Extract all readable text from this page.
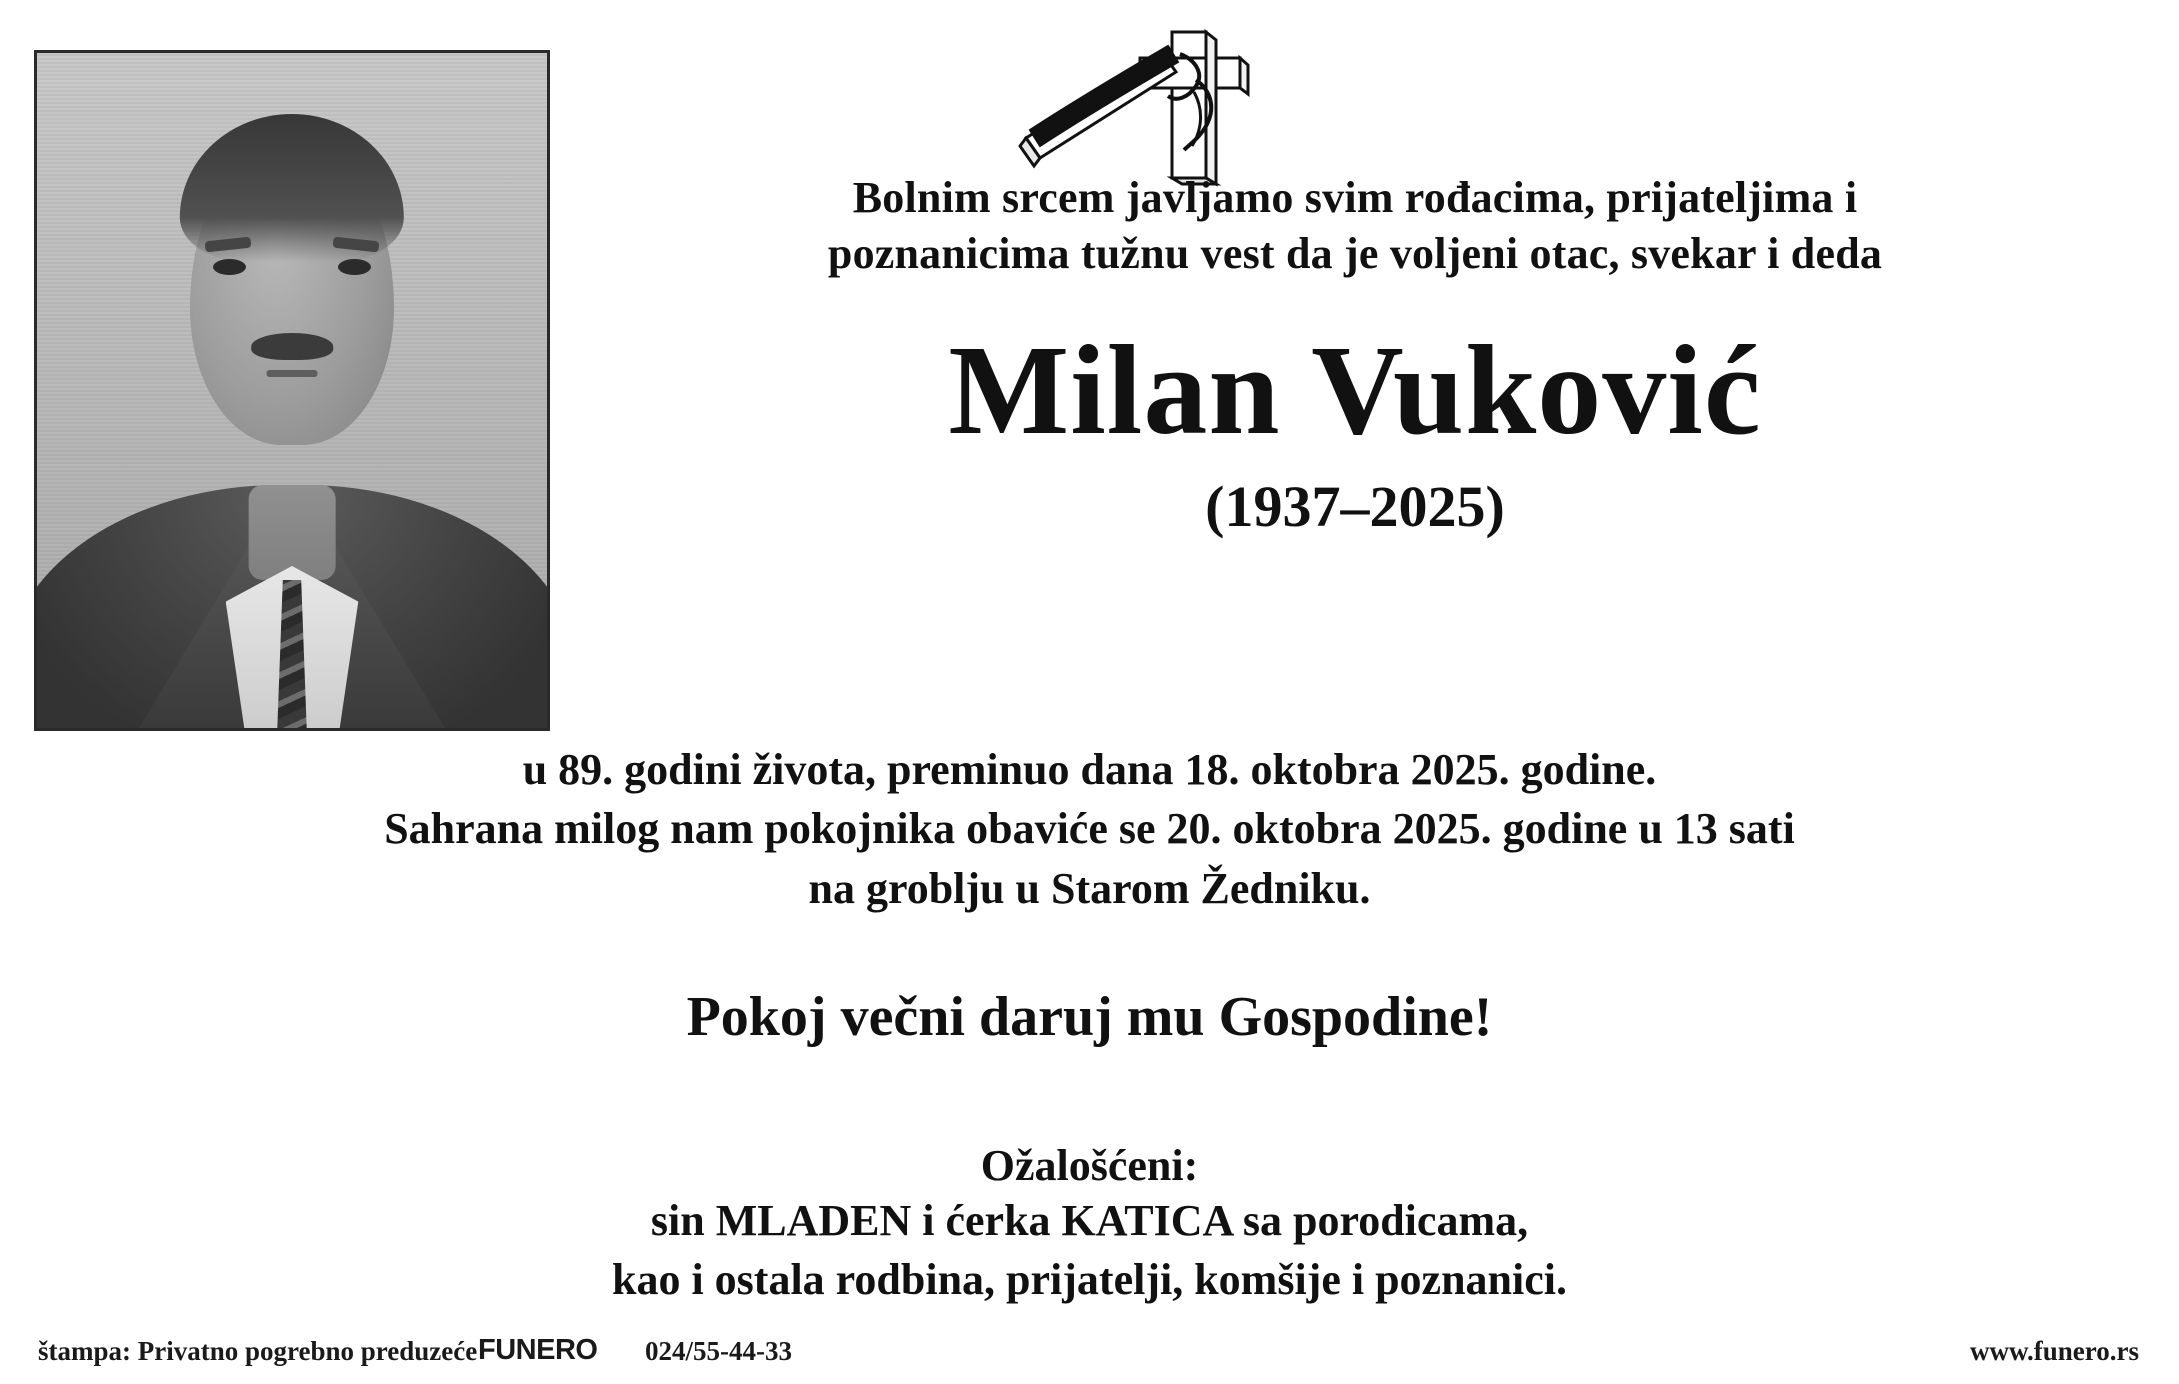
Bolnim srcem javljamo svim rođacima, prijateljima i
poznanicima tužnu vest da je voljeni otac, svekar i deda
Milan Vuković
(1937–2025)
u 89. godini života, preminuo dana 18. oktobra 2025. godine.
Sahrana milog nam pokojnika obaviće se 20. oktobra 2025. godine u 13 sati
na groblju u Starom Žedniku.
Pokoj večni daruj mu Gospodine!
Ožalošćeni:
sin MLADEN i ćerka KATICA sa porodicama,
kao i ostala rodbina, prijatelji, komšije i poznanici.
štampa: Privatno pogrebno preduzeće FUNERO 024/55-44-33	www.funero.rs
